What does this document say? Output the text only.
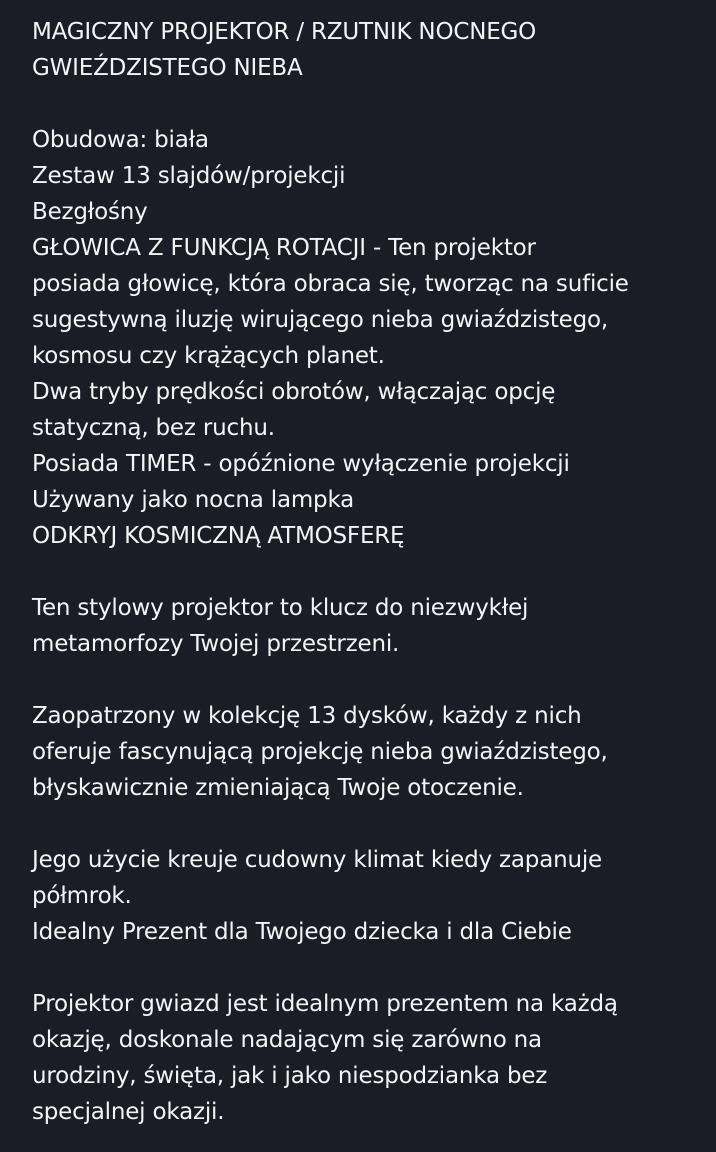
MAGICZNY PROJEKTOR / RZUTNIK NOCNEGO
GWIEŹDZISTEGO NIEBA
Obudowa: biała
Zestaw 13 slajdów/projekcji
Bezgłośny
GŁOWICA Z FUNKCJĄ ROTACJI - Ten projektor
posiada głowicę, która obraca się, tworząc na suficie
sugestywną iluzję wirującego nieba gwiaździstego,
kosmosu czy krążących planet.
Dwa tryby prędkości obrotów, włączając opcję
statyczną, bez ruchu.
Posiada TIMER - opóźnione wyłączenie projekcji
Używany jako nocna lampka
ODKRYJ KOSMICZNĄ ATMOSFERĘ
Ten stylowy projektor to klucz do niezwykłej
metamorfozy Twojej przestrzeni.
Zaopatrzony w kolekcję 13 dysków, każdy z nich
oferuje fascynującą projekcję nieba gwiaździstego,
błyskawicznie zmieniającą Twoje otoczenie.
Jego użycie kreuje cudowny klimat kiedy zapanuje
półmrok.
Idealny Prezent dla Twojego dziecka i dla Ciebie
Projektor gwiazd jest idealnym prezentem na każdą
okazję, doskonale nadającym się zarówno na
urodziny, święta, jak i jako niespodzianka bez
specjalnej okazji.
